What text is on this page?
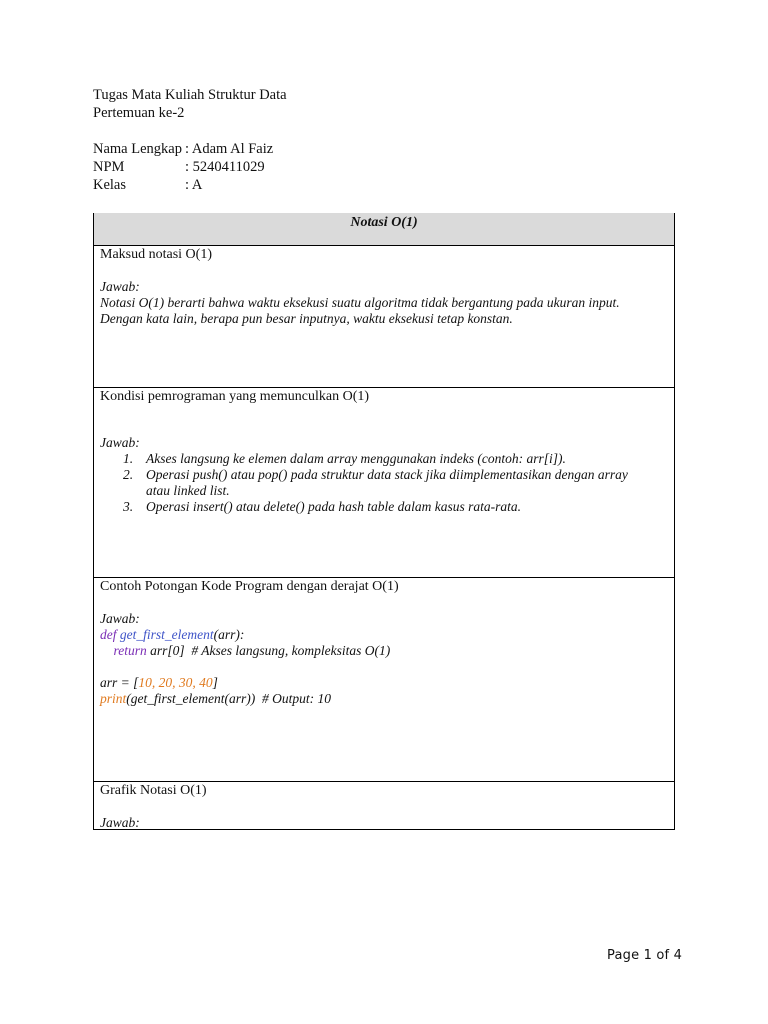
Tugas Mata Kuliah Struktur Data
Pertemuan ke-2
Nama Lengkap : Adam Al Faiz
NPM	: 5240411029
Kelas	: A
Notasi O(1)
Maksud notasi O(1)
Jawab:
Notasi O(1) berarti bahwa waktu eksekusi suatu algoritma tidak bergantung pada ukuran input.
Dengan kata lain, berapa pun besar inputnya, waktu eksekusi tetap konstan.
Kondisi pemrograman yang memunculkan O(1)
Jawab:
1. Akses langsung ke elemen dalam array menggunakan indeks (contoh: arr[i]).
2. Operasi push() atau pop() pada struktur data stack jika diimplementasikan dengan array
atau linked list.
3. Operasi insert() atau delete() pada hash table dalam kasus rata-rata.
Contoh Potongan Kode Program dengan derajat O(1)
Jawab:
def get_first_element(arr):
return arr[0]  # Akses langsung, kompleksitas O(1)

arr = [10, 20, 30, 40]
print(get_first_element(arr))  # Output: 10
Grafik Notasi O(1)
Jawab:
Page 1 of 4
